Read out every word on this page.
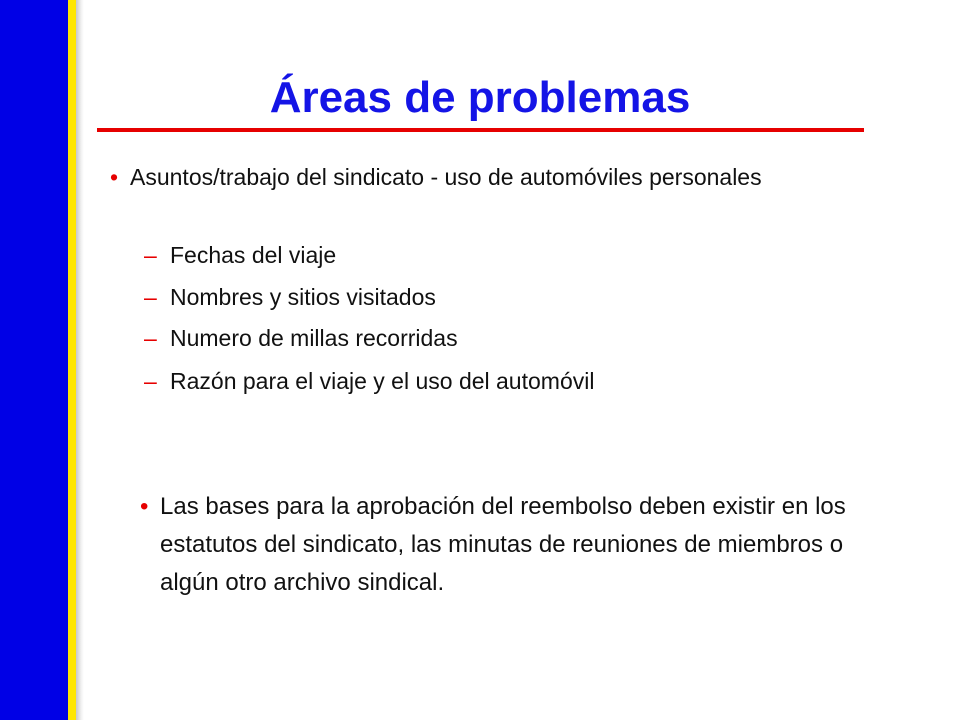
Áreas de problemas
• Asuntos/trabajo del sindicato - uso de automóviles personales
– Fechas del viaje
– Nombres y sitios visitados
– Numero de millas recorridas
– Razón para el viaje y el uso del automóvil
• Las bases para la aprobación del reembolso deben existir en los estatutos del sindicato, las minutas de reuniones de miembros o algún otro archivo sindical.
